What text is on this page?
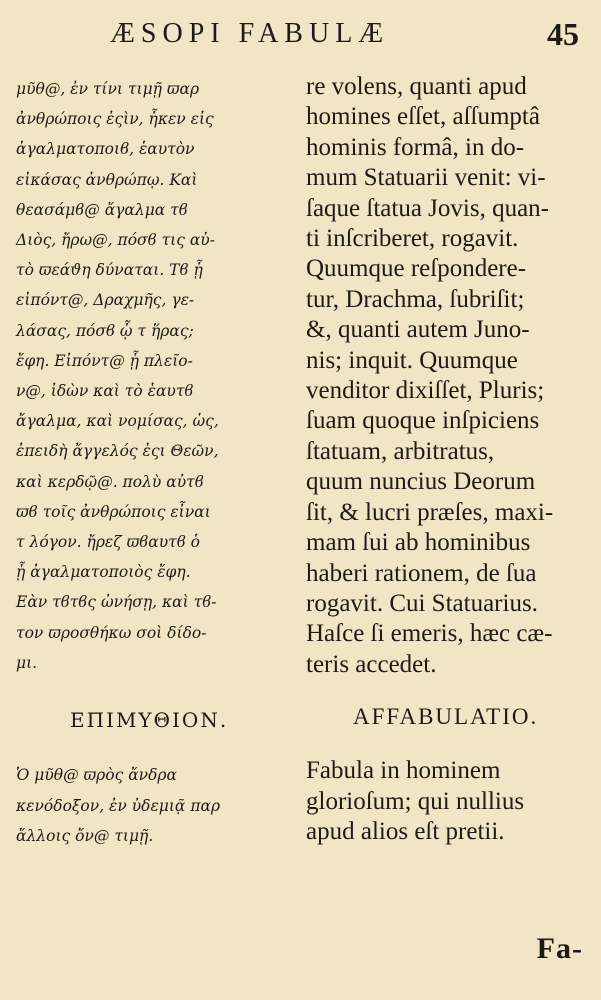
ÆSOPI FABULÆ	45
μῦθ@, ἐν τίνι τιμῇ ϖαρ
ἀνθρώποις ἐςὶν, ἧκεν εἰς
ἀγαλματοποιϐ, ἑαυτὸν
εἰκάσας ἀνθρώπῳ. Καὶ
θεασάμϐ@ ἄγαλμα τϐ
Διὸς, ἤρω@, πόσϐ τις αὐ-
τὸ ϖεάϑη δύναται. Τϐ ᾗ
εἰπόντ@, Δραχμῆς, γε-
λάσας, πόσϐ ᾧ τ ἥρας;
ἔφη. Εἰπόντ@ ᾗ πλεῖο-
ν@, ἰδὼν καὶ τὸ ἑαυτϐ
ἄγαλμα, καὶ νομίσας, ὡς,
ἐπειδὴ ἄγγελός ἐςι Θεῶν,
καὶ κερδῷ@. πολὺ αὐτϐ
ϖϐ τοῖς ἀνθρώποις εἶναι
τ λόγον. ἤρεζ ϖϐαυτϐ ὁ
ᾗ ἀγαλματοποιὸς ἔφη.
Εὰν τϐτϐς ὠνήσῃ, καὶ τϐ-
τον ϖροσθήκω σοὶ δίδο-
μι.
re volens, quanti apud
homines eſſet, aſſumptâ
hominis formâ, in do-
mum Statuarii venit: vi-
ſaque ſtatua Jovis, quan-
ti inſcriberet, rogavit.
Quumque reſpondere-
tur, Drachma, ſubriſit;
&, quanti autem Juno-
nis; inquit. Quumque
venditor dixiſſet, Pluris;
ſuam quoque inſpiciens
ſtatuam, arbitratus,
quum nuncius Deorum
ſit, & lucri præſes, maxi-
mam ſui ab hominibus
haberi rationem, de ſua
rogavit. Cui Statuarius.
Haſce ſi emeris, hæc cæ-
teris accedet.
ΕΠΙΜΥΘΙΟΝ.	AFFABULATIO.
Ὁ μῦθ@ ϖρὸς ἄνδρα
κενόδοξον, ἐν ὐδεμιᾷ παρ
ἄλλοις ὄν@ τιμῇ.
Fabula in hominem
glorioſum; qui nullius
apud alios eſt pretii.
Fa-
